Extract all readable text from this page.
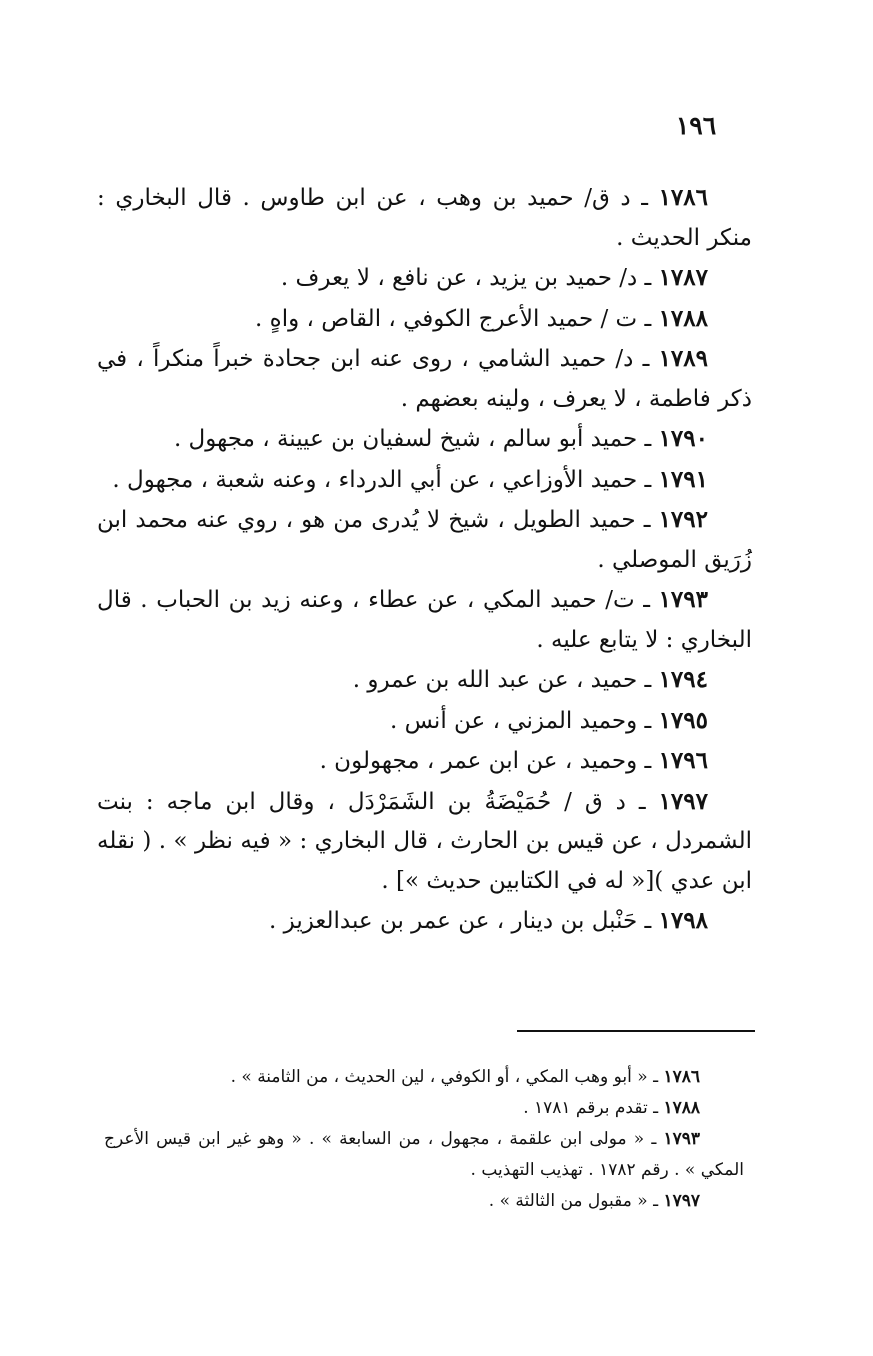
١٩٦

١٧٨٦ ـ د ق/ حميد بن وهب ، عن ابن طاوس . قال البخاري : منكر الحديث .

١٧٨٧ ـ د/ حميد بن يزيد ، عن نافع ، لا يعرف .

١٧٨٨ ـ ت / حميد الأعرج الكوفي ، القاص ، واهٍ .

١٧٨٩ ـ د/ حميد الشامي ، روى عنه ابن جحادة خبراً منكراً ، في ذكر فاطمة ، لا يعرف ، ولينه بعضهم .

١٧٩٠ ـ حميد أبو سالم ، شيخ لسفيان بن عيينة ، مجهول .

١٧٩١ ـ حميد الأوزاعي ، عن أبي الدرداء ، وعنه شعبة ، مجهول .

١٧٩٢ ـ حميد الطويل ، شيخ لا يُدرى من هو ، روي عنه محمد ابن زُرَيق الموصلي .

١٧٩٣ ـ ت/ حميد المكي ، عن عطاء ، وعنه زيد بن الحباب . قال البخاري : لا يتابع عليه .

١٧٩٤ ـ حميد ، عن عبد الله بن عمرو .

١٧٩٥ ـ وحميد المزني ، عن أنس .

١٧٩٦ ـ وحميد ، عن ابن عمر ، مجهولون .

١٧٩٧ ـ د ق / حُمَيْضَةُ بن الشَمَرْدَل ، وقال ابن ماجه : بنت الشمردل ، عن قيس بن الحارث ، قال البخاري : « فيه نظر » . ( نقله ابن عدي )[« له في الكتابين حديث »] .

١٧٩٨ ـ حَنْبل بن دينار ، عن عمر بن عبدالعزيز .

١٧٨٦ ـ « أبو وهب المكي ، أو الكوفي ، لين الحديث ، من الثامنة » .

١٧٨٨ ـ تقدم برقم ١٧٨١ .

١٧٩٣ ـ « مولى ابن علقمة ، مجهول ، من السابعة » . « وهو غير ابن قيس الأعرج المكي » . رقم ١٧٨٢ . تهذيب التهذيب .

١٧٩٧ ـ « مقبول من الثالثة » .
